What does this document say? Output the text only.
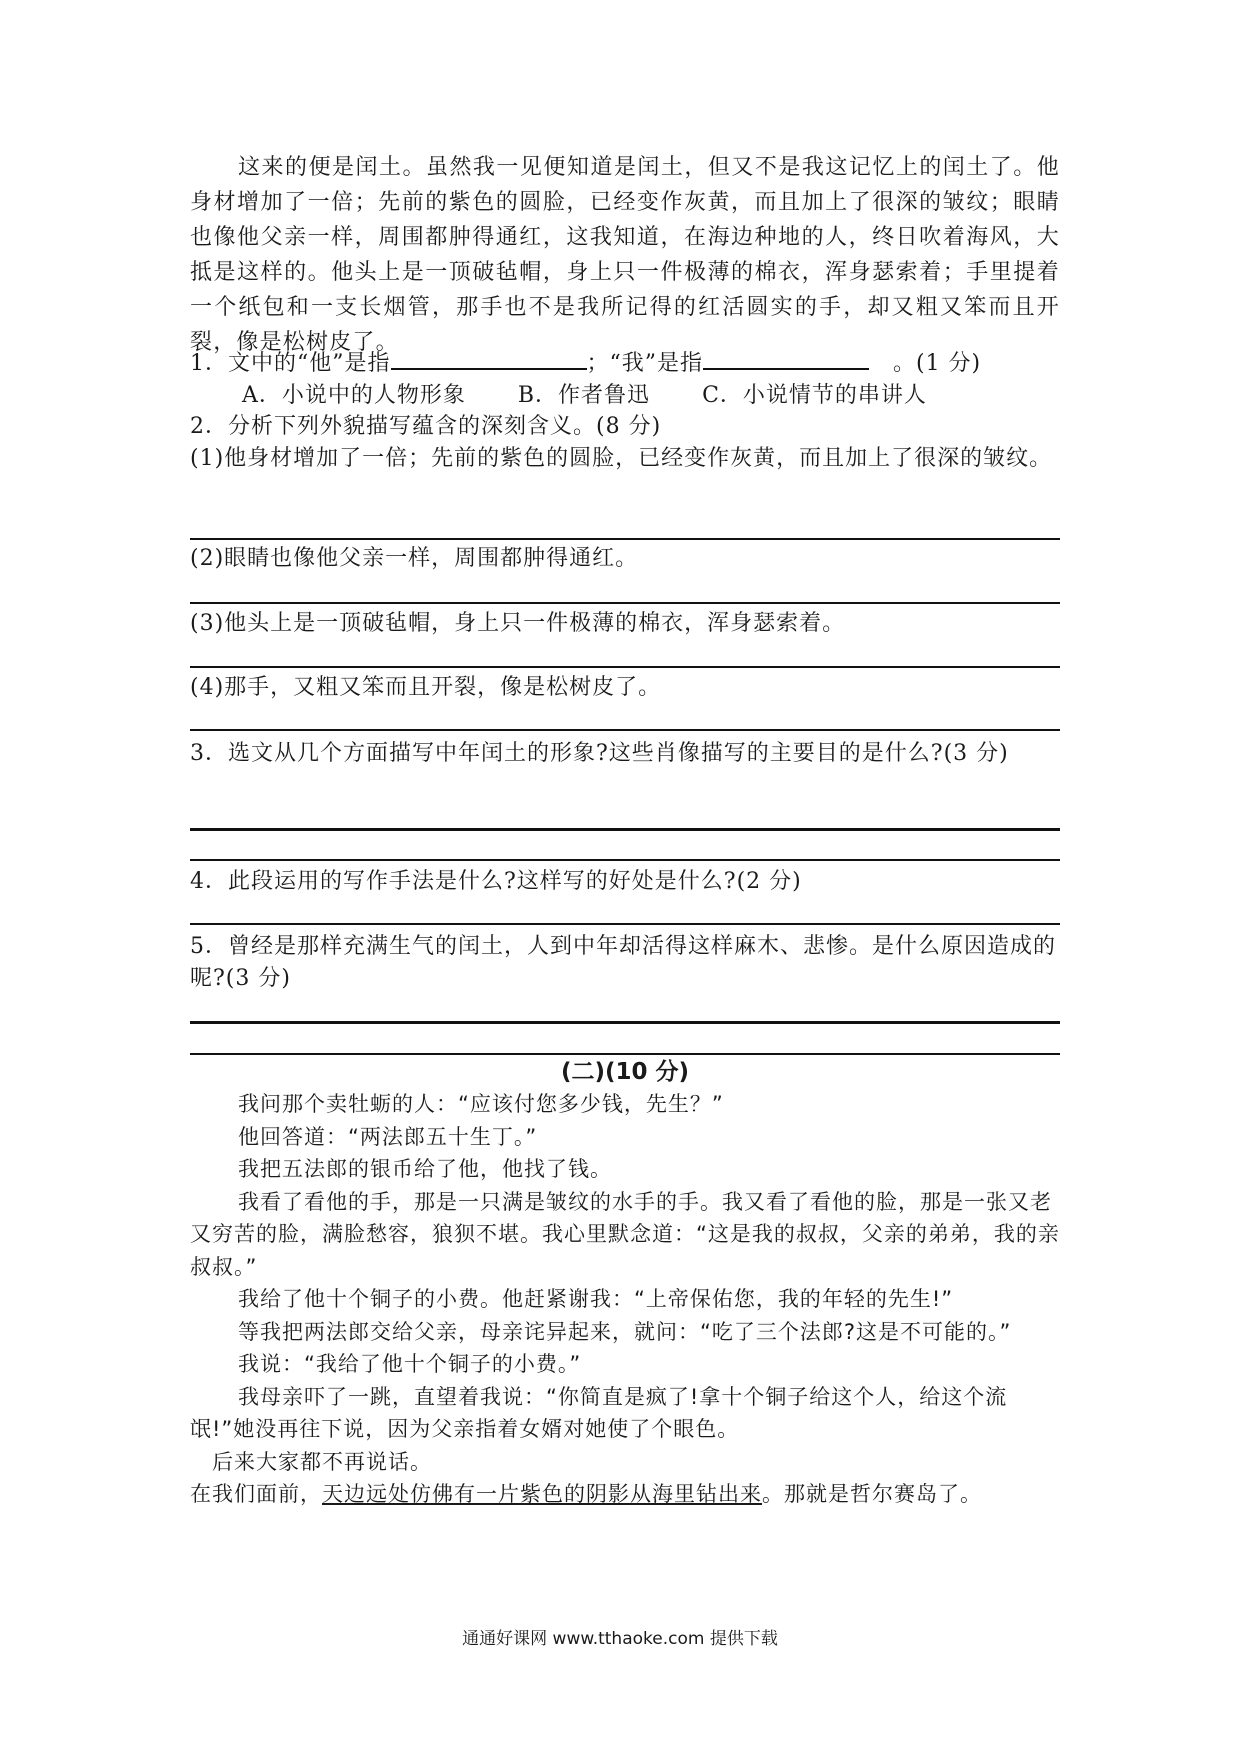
这来的便是闰土。虽然我一见便知道是闰土，但又不是我这记忆上的闰土了。他身材增加了一倍；先前的紫色的圆脸，已经变作灰黄，而且加上了很深的皱纹；眼睛也像他父亲一样，周围都肿得通红，这我知道，在海边种地的人，终日吹着海风，大抵是这样的。他头上是一顶破毡帽，身上只一件极薄的棉衣，浑身瑟索着；手里提着一个纸包和一支长烟管，那手也不是我所记得的红活圆实的手，却又粗又笨而且开裂，像是松树皮了。

1．文中的“他”是指	；“我”是指	。(1 分)

A．小说中的人物形象 B．作者鲁迅 C．小说情节的串讲人

2．分析下列外貌描写蕴含的深刻含义。(8 分)

(1)他身材增加了一倍；先前的紫色的圆脸，已经变作灰黄，而且加上了很深的皱纹。

(2)眼睛也像他父亲一样，周围都肿得通红。

(3)他头上是一顶破毡帽，身上只一件极薄的棉衣，浑身瑟索着。

(4)那手，又粗又笨而且开裂，像是松树皮了。

3．选文从几个方面描写中年闰土的形象?这些肖像描写的主要目的是什么?(3 分)

4．此段运用的写作手法是什么?这样写的好处是什么?(2 分)

5．曾经是那样充满生气的闰土，人到中年却活得这样麻木、悲惨。是什么原因造成的呢?(3 分)

(二)(10 分)

我问那个卖牡蛎的人：“应该付您多少钱，先生？”

他回答道：“两法郎五十生丁。”

我把五法郎的银币给了他，他找了钱。

我看了看他的手，那是一只满是皱纹的水手的手。我又看了看他的脸，那是一张又老又穷苦的脸，满脸愁容，狼狈不堪。我心里默念道：“这是我的叔叔，父亲的弟弟，我的亲叔叔。”

我给了他十个铜子的小费。他赶紧谢我：“上帝保佑您，我的年轻的先生!”

等我把两法郎交给父亲，母亲诧异起来，就问：“吃了三个法郎?这是不可能的。”

我说：“我给了他十个铜子的小费。”

我母亲吓了一跳，直望着我说：“你简直是疯了!拿十个铜子给这个人，给这个流氓!”她没再往下说，因为父亲指着女婿对她使了个眼色。

后来大家都不再说话。

在我们面前，天边远处仿佛有一片紫色的阴影从海里钻出来。那就是哲尔赛岛了。

通通好课网 www.tthaoke.com 提供下载
